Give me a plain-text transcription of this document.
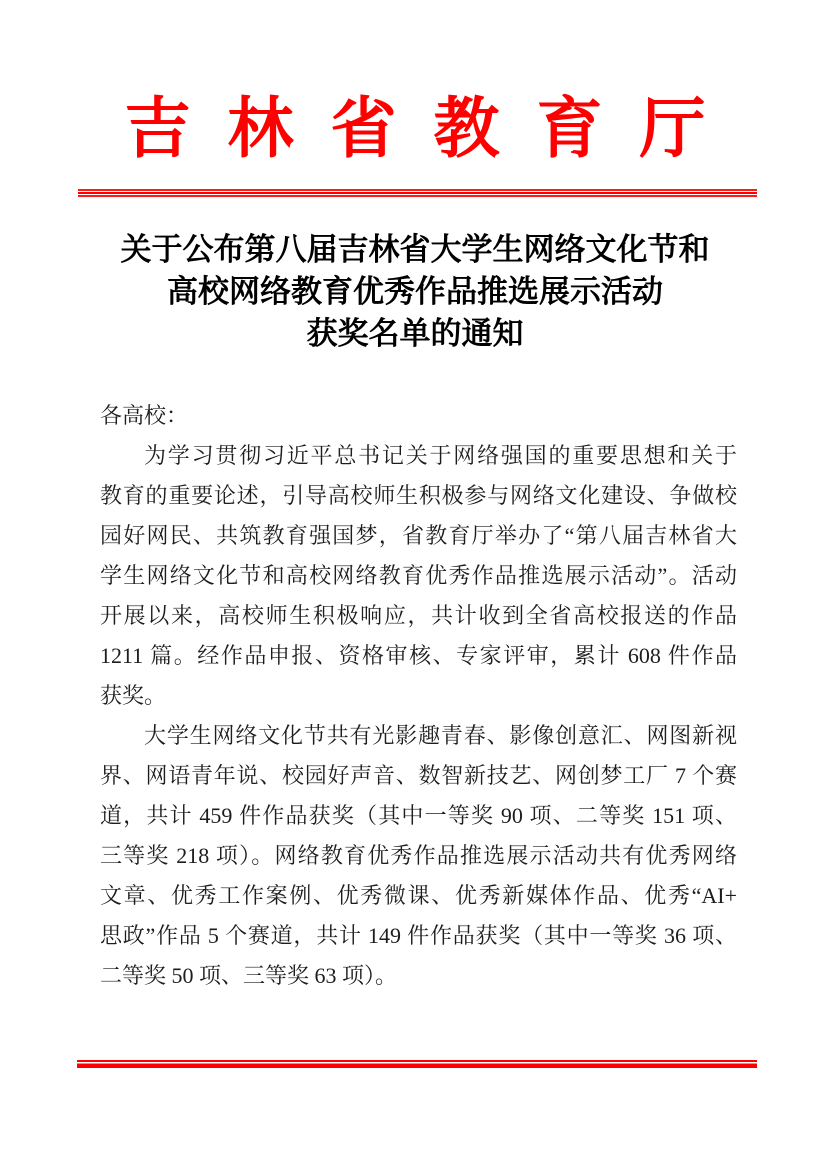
吉林省教育厅
关于公布第八届吉林省大学生网络文化节和
高校网络教育优秀作品推选展示活动
获奖名单的通知
各高校：
为学习贯彻习近平总书记关于网络强国的重要思想和关于
教育的重要论述，引导高校师生积极参与网络文化建设、争做校
园好网民、共筑教育强国梦，省教育厅举办了“第八届吉林省大
学生网络文化节和高校网络教育优秀作品推选展示活动”。活动
开展以来，高校师生积极响应，共计收到全省高校报送的作品
1211 篇。经作品申报、资格审核、专家评审，累计 608 件作品
获奖。
大学生网络文化节共有光影趣青春、影像创意汇、网图新视
界、网语青年说、校园好声音、数智新技艺、网创梦工厂 7 个赛
道，共计 459 件作品获奖（其中一等奖 90 项、二等奖 151 项、
三等奖 218 项）。网络教育优秀作品推选展示活动共有优秀网络
文章、优秀工作案例、优秀微课、优秀新媒体作品、优秀“AI+
思政”作品 5 个赛道，共计 149 件作品获奖（其中一等奖 36 项、
二等奖 50 项、三等奖 63 项）。
